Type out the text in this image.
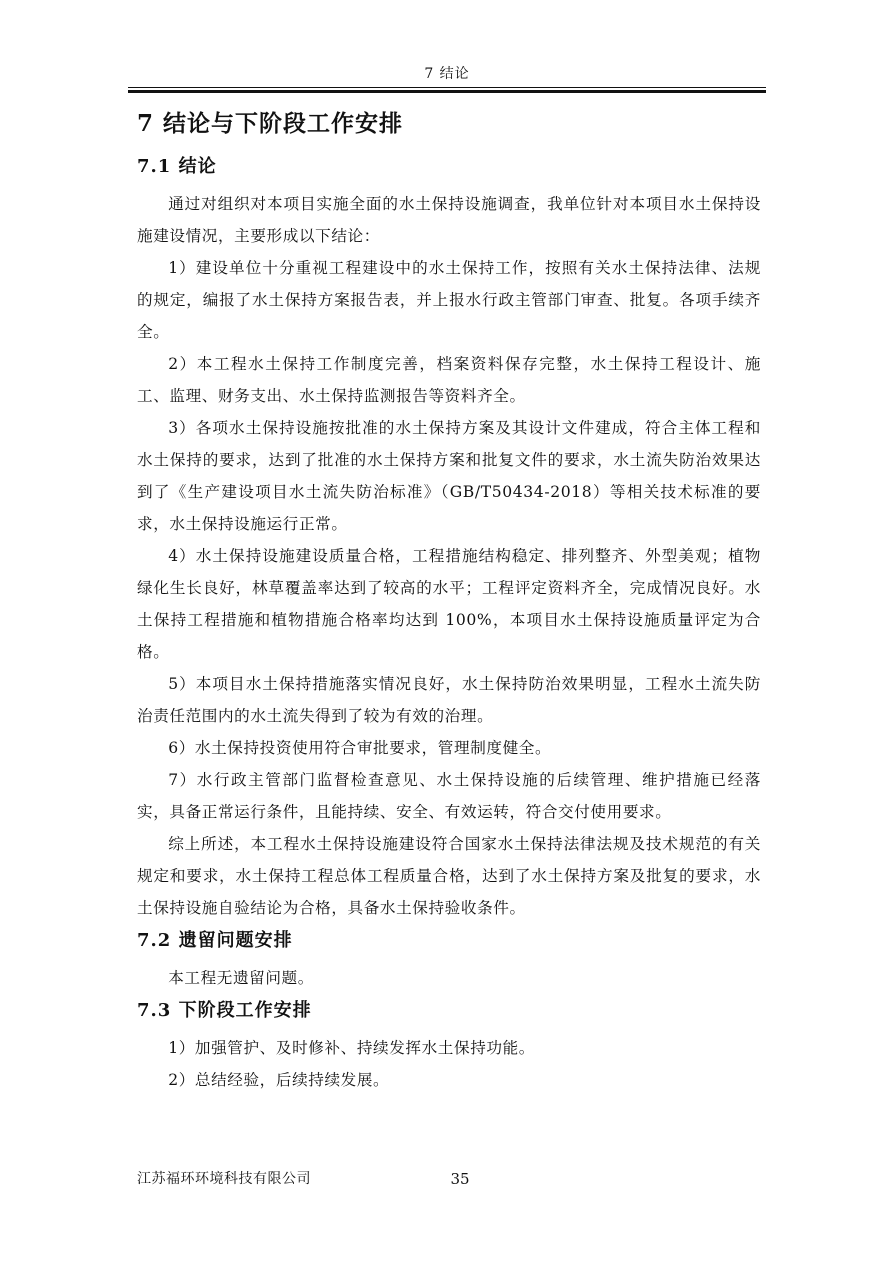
7 结论
7 结论与下阶段工作安排
7.1 结论

通过对组织对本项目实施全面的水土保持设施调查，我单位针对本项目水土保持设施建设情况，主要形成以下结论：

1）建设单位十分重视工程建设中的水土保持工作，按照有关水土保持法律、法规的规定，编报了水土保持方案报告表，并上报水行政主管部门审查、批复。各项手续齐全。

2）本工程水土保持工作制度完善，档案资料保存完整，水土保持工程设计、施工、监理、财务支出、水土保持监测报告等资料齐全。

3）各项水土保持设施按批准的水土保持方案及其设计文件建成，符合主体工程和水土保持的要求，达到了批准的水土保持方案和批复文件的要求，水土流失防治效果达到了《生产建设项目水土流失防治标准》（GB/T50434-2018）等相关技术标准的要求，水土保持设施运行正常。

4）水土保持设施建设质量合格，工程措施结构稳定、排列整齐、外型美观；植物绿化生长良好，林草覆盖率达到了较高的水平；工程评定资料齐全，完成情况良好。水土保持工程措施和植物措施合格率均达到 100%，本项目水土保持设施质量评定为合格。

5）本项目水土保持措施落实情况良好，水土保持防治效果明显，工程水土流失防治责任范围内的水土流失得到了较为有效的治理。

6）水土保持投资使用符合审批要求，管理制度健全。

7）水行政主管部门监督检查意见、水土保持设施的后续管理、维护措施已经落实，具备正常运行条件，且能持续、安全、有效运转，符合交付使用要求。

综上所述，本工程水土保持设施建设符合国家水土保持法律法规及技术规范的有关规定和要求，水土保持工程总体工程质量合格，达到了水土保持方案及批复的要求，水土保持设施自验结论为合格，具备水土保持验收条件。

7.2 遗留问题安排

本工程无遗留问题。

7.3 下阶段工作安排

1）加强管护、及时修补、持续发挥水土保持功能。

2）总结经验，后续持续发展。

江苏福环环境科技有限公司	35
